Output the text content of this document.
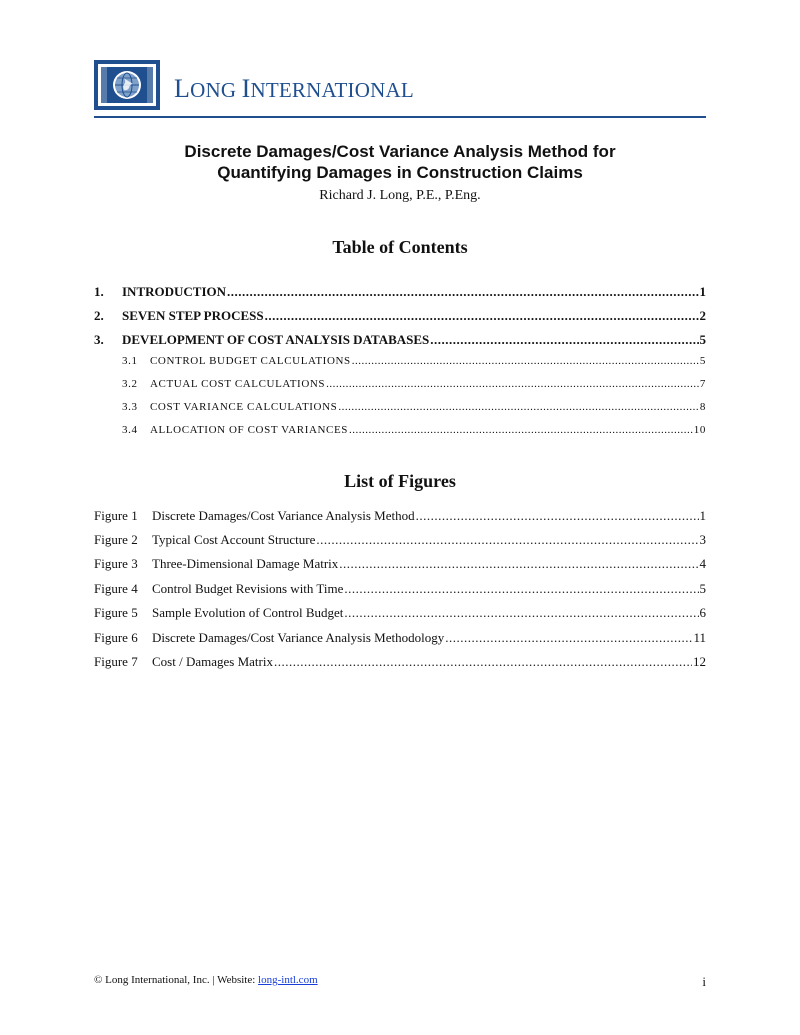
LONG INTERNATIONAL
Discrete Damages/Cost Variance Analysis Method for
Quantifying Damages in Construction Claims
Richard J. Long, P.E., P.Eng.
Table of Contents
1.	INTRODUCTION .....	1
2.	SEVEN STEP PROCESS .....	2
3.	DEVELOPMENT OF COST ANALYSIS DATABASES .....	5
3.1	CONTROL BUDGET CALCULATIONS .....	5
3.2	ACTUAL COST CALCULATIONS .....	7
3.3	COST VARIANCE CALCULATIONS .....	8
3.4	ALLOCATION OF COST VARIANCES .....	10
List of Figures
Figure 1	Discrete Damages/Cost Variance Analysis Method .....	1
Figure 2	Typical Cost Account Structure .....	3
Figure 3	Three-Dimensional Damage Matrix .....	4
Figure 4	Control Budget Revisions with Time .....	5
Figure 5	Sample Evolution of Control Budget .....	6
Figure 6	Discrete Damages/Cost Variance Analysis Methodology .....	11
Figure 7	Cost / Damages Matrix .....	12
© Long International, Inc. | Website: long-intl.com	i
